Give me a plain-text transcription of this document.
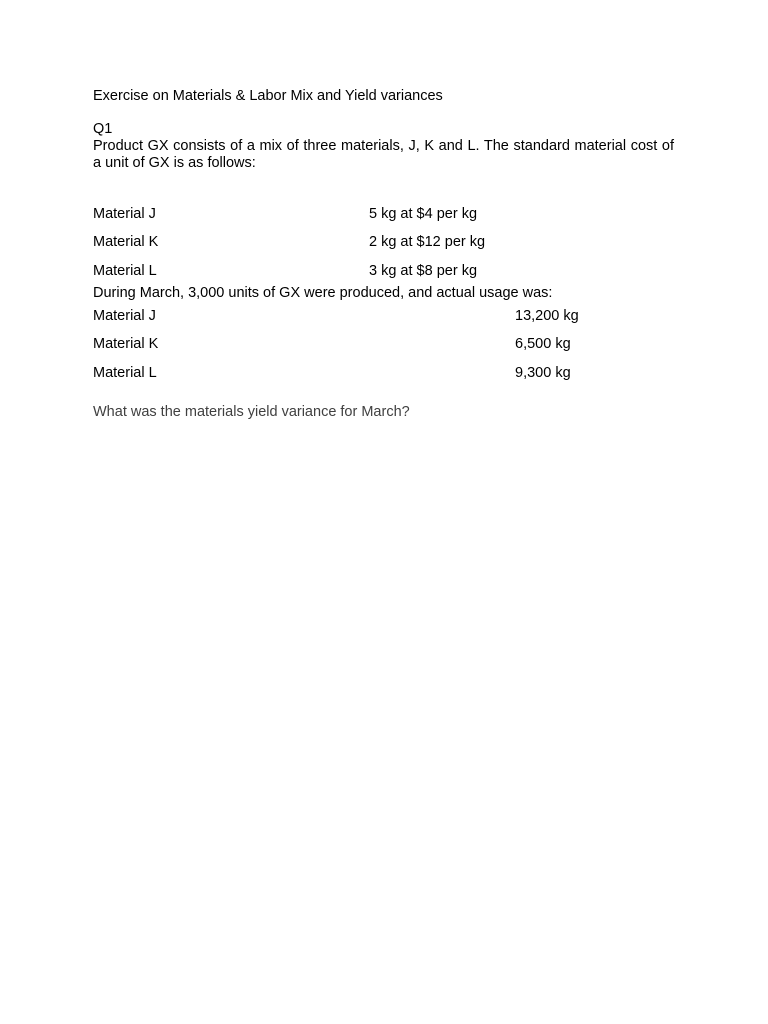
Exercise on Materials & Labor Mix and Yield variances
Q1
Product GX consists of a mix of three materials, J, K and L. The standard material cost of a unit of GX is as follows:
Material J	5 kg at $4 per kg
Material K	2 kg at $12 per kg
Material L	3 kg at $8 per kg
During March, 3,000 units of GX were produced, and actual usage was:
Material J	13,200 kg
Material K	6,500 kg
Material L	9,300 kg
What was the materials yield variance for March?
